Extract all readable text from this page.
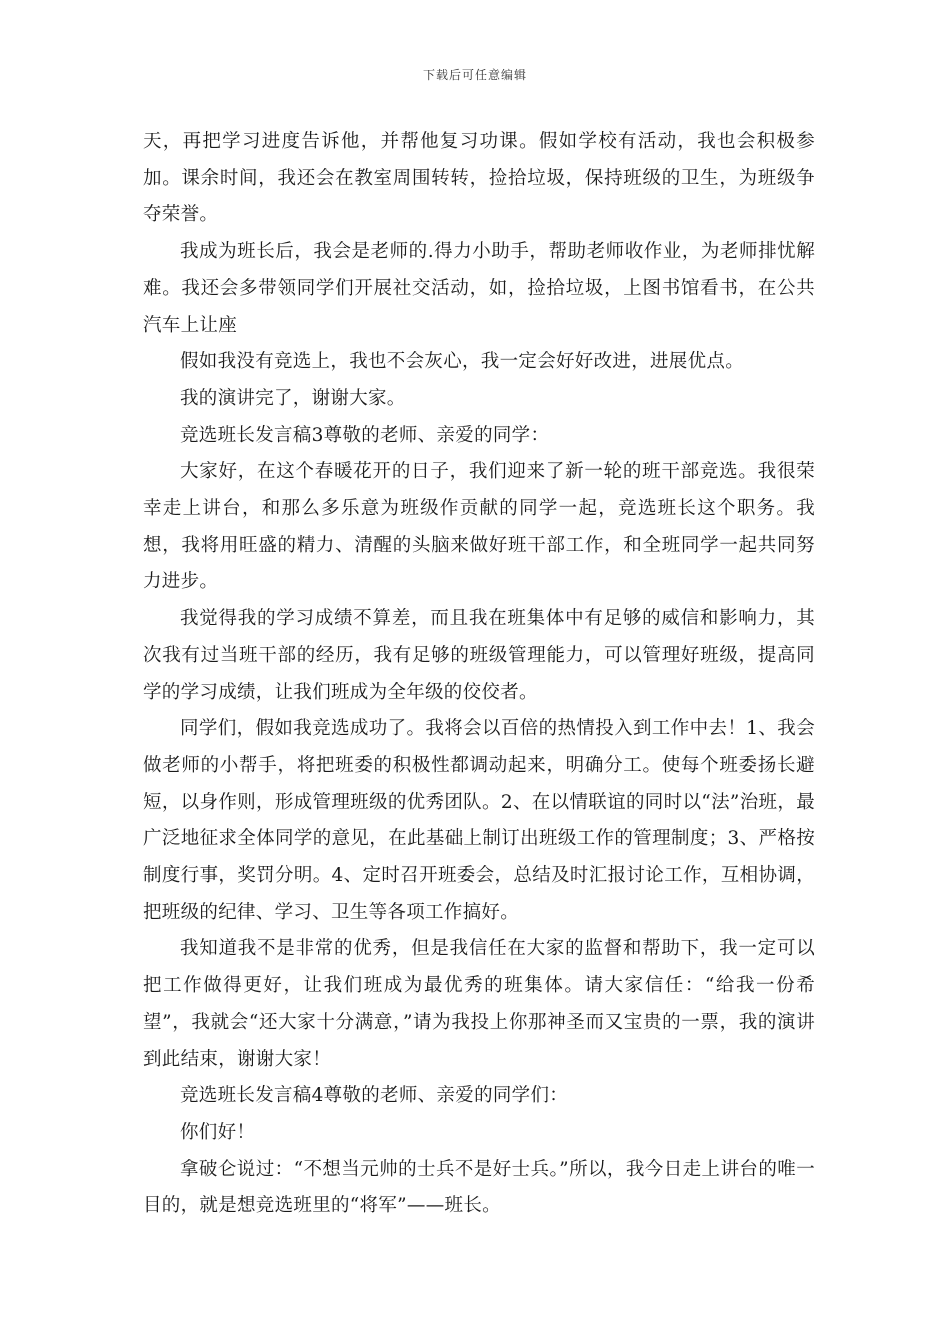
下载后可任意编辑

天，再把学习进度告诉他，并帮他复习功课。假如学校有活动，我也会积极参加。课余时间，我还会在教室周围转转，捡拾垃圾，保持班级的卫生，为班级争夺荣誉。

我成为班长后，我会是老师的.得力小助手，帮助老师收作业，为老师排忧解难。我还会多带领同学们开展社交活动，如，捡拾垃圾，上图书馆看书，在公共汽车上让座

假如我没有竞选上，我也不会灰心，我一定会好好改进，进展优点。

我的演讲完了，谢谢大家。

竞选班长发言稿3尊敬的老师、亲爱的同学：

大家好，在这个春暖花开的日子，我们迎来了新一轮的班干部竞选。我很荣幸走上讲台，和那么多乐意为班级作贡献的同学一起，竞选班长这个职务。我想，我将用旺盛的精力、清醒的头脑来做好班干部工作，和全班同学一起共同努力进步。

我觉得我的学习成绩不算差，而且我在班集体中有足够的威信和影响力，其次我有过当班干部的经历，我有足够的班级管理能力，可以管理好班级，提高同学的学习成绩，让我们班成为全年级的佼佼者。

同学们，假如我竞选成功了。我将会以百倍的热情投入到工作中去！1、我会做老师的小帮手，将把班委的积极性都调动起来，明确分工。使每个班委扬长避短，以身作则，形成管理班级的优秀团队。2、在以情联谊的同时以“法”治班，最广泛地征求全体同学的意见，在此基础上制订出班级工作的管理制度；3、严格按制度行事，奖罚分明。4、定时召开班委会，总结及时汇报讨论工作，互相协调，把班级的纪律、学习、卫生等各项工作搞好。

我知道我不是非常的优秀，但是我信任在大家的监督和帮助下，我一定可以把工作做得更好，让我们班成为最优秀的班集体。请大家信任：“给我一份希望”，我就会“还大家十分满意，”请为我投上你那神圣而又宝贵的一票，我的演讲到此结束，谢谢大家！

竞选班长发言稿4尊敬的老师、亲爱的同学们：

你们好！

拿破仑说过：“不想当元帅的士兵不是好士兵。”所以，我今日走上讲台的唯一目的，就是想竞选班里的“将军”——班长。
